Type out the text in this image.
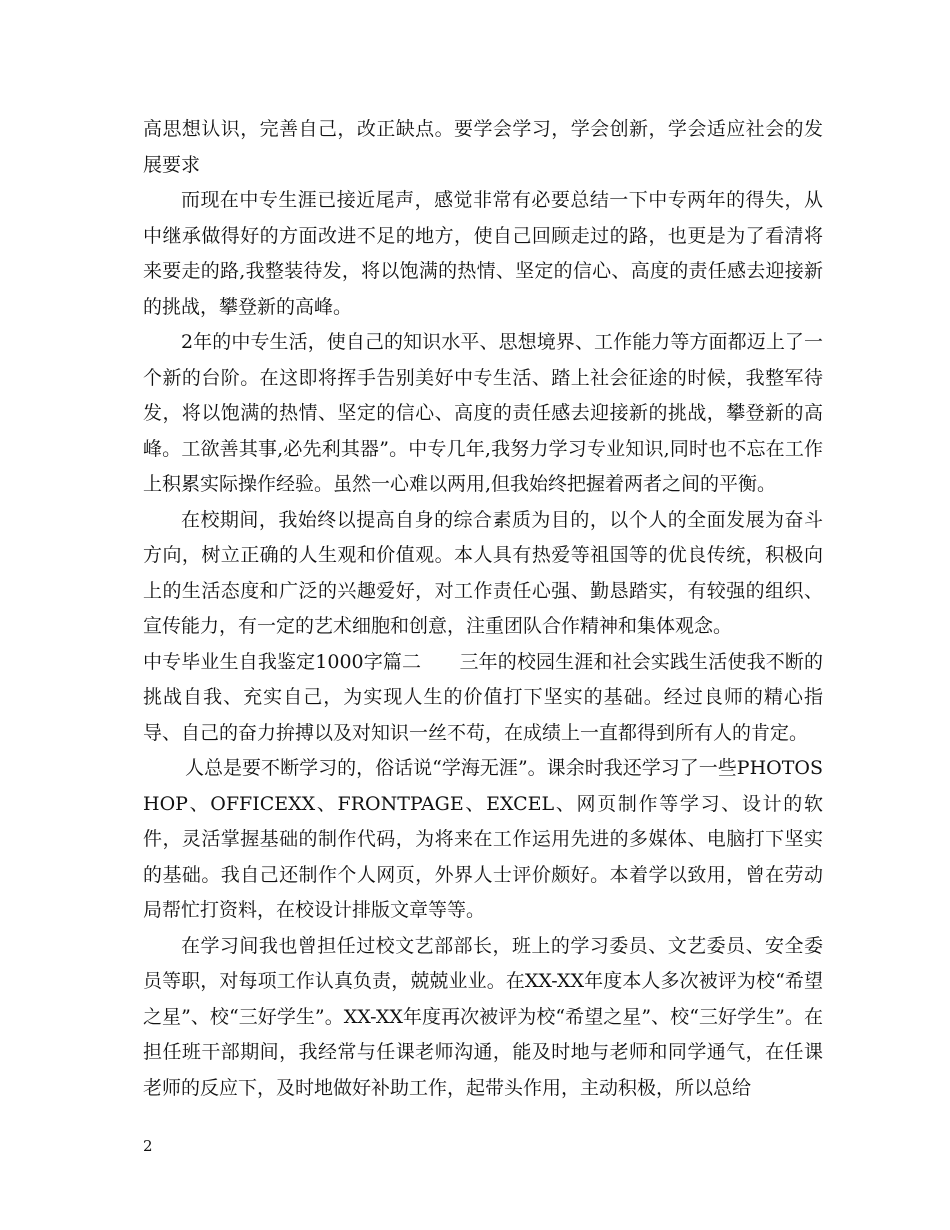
高思想认识，完善自己，改正缺点。要学会学习，学会创新，学会适应社会的发展要求

而现在中专生涯已接近尾声，感觉非常有必要总结一下中专两年的得失，从中继承做得好的方面改进不足的地方，使自己回顾走过的路，也更是为了看清将来要走的路,我整装待发，将以饱满的热情、坚定的信心、高度的责任感去迎接新的挑战，攀登新的高峰。

2年的中专生活，使自己的知识水平、思想境界、工作能力等方面都迈上了一个新的台阶。在这即将挥手告别美好中专生活、踏上社会征途的时候，我整军待发，将以饱满的热情、坚定的信心、高度的责任感去迎接新的挑战，攀登新的高峰。工欲善其事,必先利其器”。中专几年,我努力学习专业知识,同时也不忘在工作上积累实际操作经验。虽然一心难以两用,但我始终把握着两者之间的平衡。

在校期间，我始终以提高自身的综合素质为目的，以个人的全面发展为奋斗方向，树立正确的人生观和价值观。本人具有热爱等祖国等的优良传统，积极向上的生活态度和广泛的兴趣爱好，对工作责任心强、勤恳踏实，有较强的组织、宣传能力，有一定的艺术细胞和创意，注重团队合作精神和集体观念。

中专毕业生自我鉴定1000字篇二　　三年的校园生涯和社会实践生活使我不断的挑战自我、充实自己，为实现人生的价值打下坚实的基础。经过良师的精心指导、自己的奋力拚搏以及对知识一丝不苟，在成绩上一直都得到所有人的肯定。

人总是要不断学习的，俗话说“学海无涯”。课余时我还学习了一些PHOTOSHOP、OFFICEXX、FRONTPAGE、EXCEL、网页制作等学习、设计的软件，灵活掌握基础的制作代码，为将来在工作运用先进的多媒体、电脑打下坚实的基础。我自己还制作个人网页，外界人士评价颇好。本着学以致用，曾在劳动局帮忙打资料，在校设计排版文章等等。

在学习间我也曾担任过校文艺部部长，班上的学习委员、文艺委员、安全委员等职，对每项工作认真负责，兢兢业业。在XX-XX年度本人多次被评为校“希望之星”、校“三好学生”。XX-XX年度再次被评为校“希望之星”、校“三好学生”。在担任班干部期间，我经常与任课老师沟通，能及时地与老师和同学通气，在任课老师的反应下，及时地做好补助工作，起带头作用，主动积极，所以总给

2
